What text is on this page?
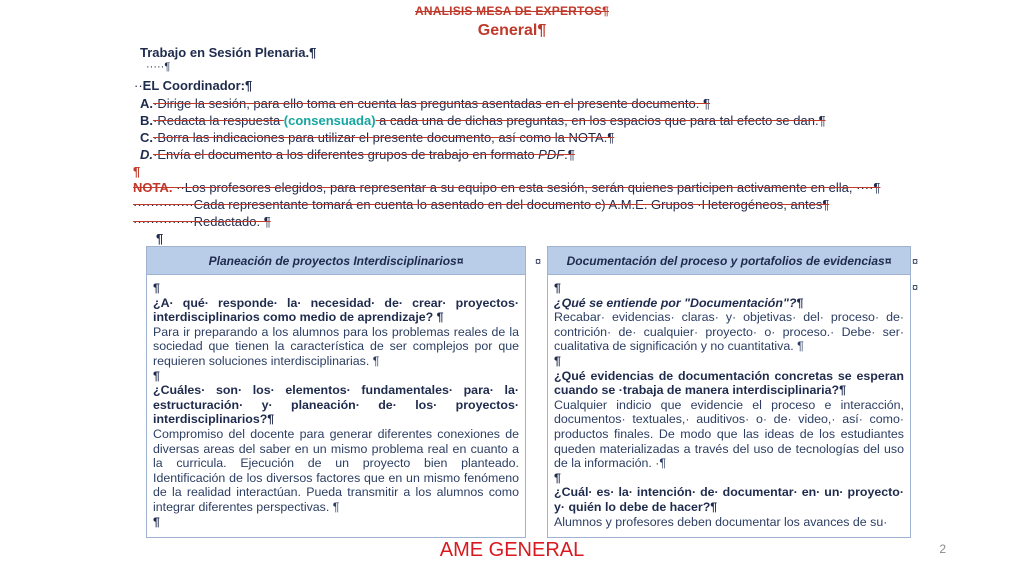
ANALISIS MESA DE EXPERTOS¶
General¶
Trabajo en Sesión Plenaria.¶
·····¶
··EL Coordinador:¶
A.·Dirige la sesión, para ello toma en cuenta las preguntas asentadas en el presente documento. ¶
B.·Redacta la respuesta (consensuada) a cada una de dichas preguntas, en los espacios que para tal efecto se dan.¶
C.·Borra las indicaciones para utilizar el presente documento, así como la NOTA.¶
D.·Envía el documento a los diferentes grupos de trabajo en formato PDF.¶
¶
NOTA. ··Los profesores elegidos, para representar a su equipo en esta sesión, serán quienes participen activamente en ella, ····¶
··············Cada representante tomará en cuenta lo asentado en del documento c) A.M.E. Grupos ·Heterogéneos, antes¶
··············Redactado. ¶
¶
Planeación de proyectos Interdisciplinarios¤

¶

¿A· qué· responde· la· necesidad· de· crear· proyectos· interdisciplinarios como medio de aprendizaje? ¶

Para ir preparando a los alumnos para los problemas reales de la sociedad que tienen la característica de ser complejos por que requieren soluciones interdisciplinarias. ¶

¶

¿Cuáles· son· los· elementos· fundamentales· para· la· estructuración· y· planeación· de· los· proyectos· interdisciplinarios?¶

Compromiso del docente para generar diferentes conexiones de diversas areas del saber en un mismo problema real en cuanto a la curricula. Ejecución de un proyecto bien planteado. Identificación de los diversos factores que en un mismo fenómeno de la realidad interactúan. Pueda transmitir a los alumnos como integrar diferentes perspectivas. ¶

¶

¤	Documentación del proceso y portafolios de evidencias¤

¶

¿Qué se entiende por "Documentación"?¶

Recabar· evidencias· claras· y· objetivas· del· proceso· de· contrición· de· cualquier· proyecto· o· proceso.· Debe· ser· cualitativa de significación y no cuantitativa. ¶

¶

¿Qué evidencias de documentación concretas se esperan cuando se ·trabaja de manera interdisciplinaria?¶

Cualquier indicio que evidencie el proceso e interacción, documentos· textuales,· auditivos· o· de· video,· así· como· productos finales. De modo que las ideas de los estudiantes queden materializadas a través del uso de tecnologías del uso de la información. ·¶

¶

¿Cuál· es· la· intención· de· documentar· en· un· proyecto· y· quién lo debe de hacer?¶

Alumnos y profesores deben documentar los avances de su·

¤
¤
AME GENERAL	2
